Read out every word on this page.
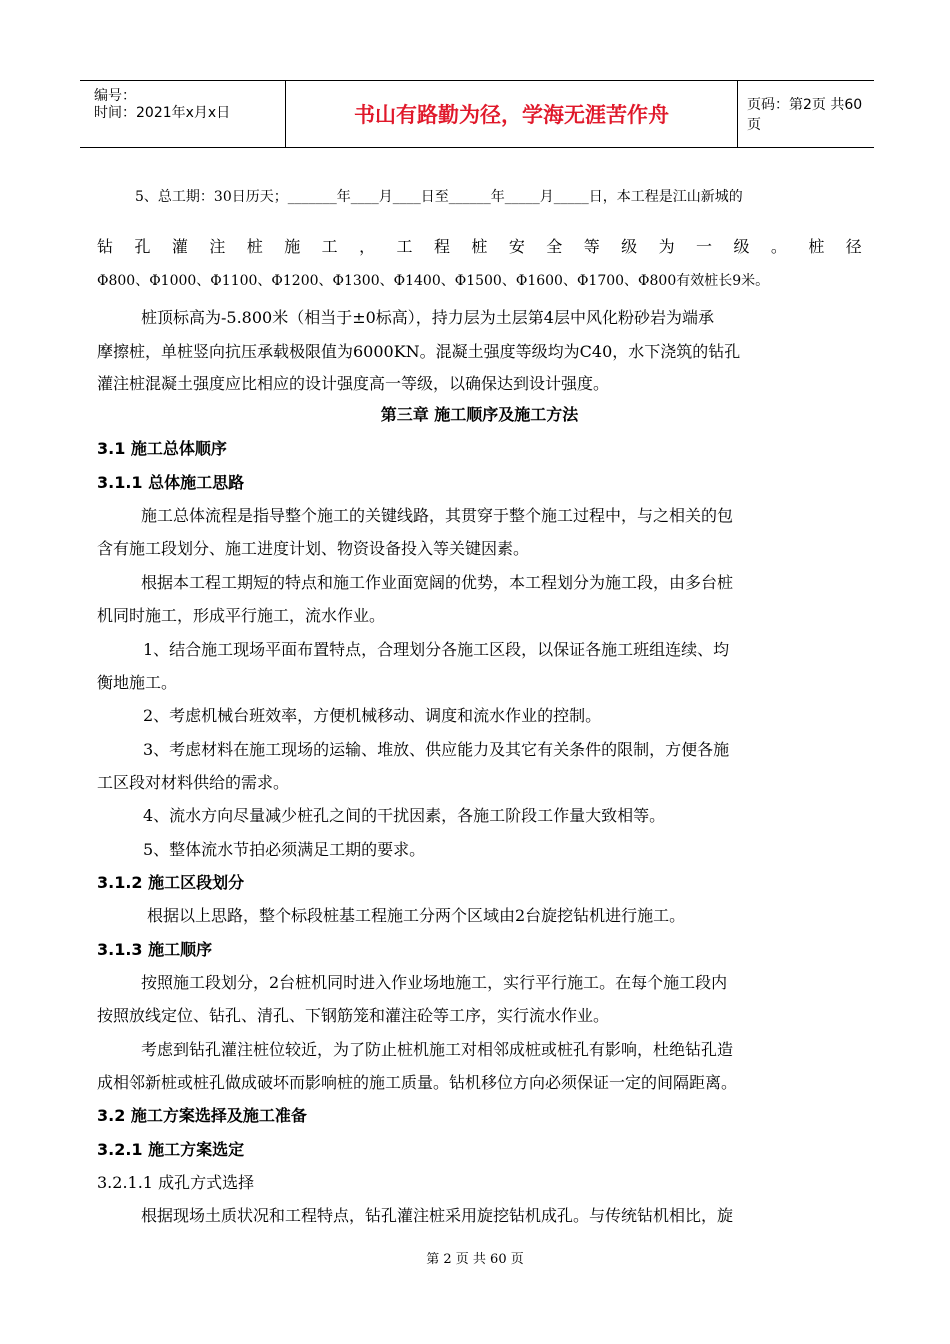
编号：
时间：2021年x月x日	书山有路勤为径，学海无涯苦作舟	页码：第2页 共60页
5、总工期：30日历天；_______年____月____日至______年_____月_____日，本工程是江山新城的
钻 孔 灌 注 桩 施 工 ， 工 程 桩 安 全 等 级 为 一 级 。 桩 径
Φ800、Φ1000、Φ1100、Φ1200、Φ1300、Φ1400、Φ1500、Φ1600、Φ1700、Φ800有效桩长9米。
桩顶标高为-5.800米（相当于±0标高），持力层为土层第4层中风化粉砂岩为端承
摩擦桩，单桩竖向抗压承载极限值为6000KN。混凝土强度等级均为C40，水下浇筑的钻孔
灌注桩混凝土强度应比相应的设计强度高一等级，以确保达到设计强度。
第三章 施工顺序及施工方法
3.1 施工总体顺序
3.1.1 总体施工思路
施工总体流程是指导整个施工的关键线路，其贯穿于整个施工过程中，与之相关的包
含有施工段划分、施工进度计划、物资设备投入等关键因素。
根据本工程工期短的特点和施工作业面宽阔的优势，本工程划分为施工段，由多台桩
机同时施工，形成平行施工，流水作业。
1、结合施工现场平面布置特点，合理划分各施工区段，以保证各施工班组连续、均
衡地施工。
2、考虑机械台班效率，方便机械移动、调度和流水作业的控制。
3、考虑材料在施工现场的运输、堆放、供应能力及其它有关条件的限制，方便各施
工区段对材料供给的需求。
4、流水方向尽量减少桩孔之间的干扰因素，各施工阶段工作量大致相等。
5、整体流水节拍必须满足工期的要求。
3.1.2 施工区段划分
根据以上思路，整个标段桩基工程施工分两个区域由2台旋挖钻机进行施工。
3.1.3 施工顺序
按照施工段划分，2台桩机同时进入作业场地施工，实行平行施工。在每个施工段内
按照放线定位、钻孔、清孔、下钢筋笼和灌注砼等工序，实行流水作业。
考虑到钻孔灌注桩位较近，为了防止桩机施工对相邻成桩或桩孔有影响，杜绝钻孔造
成相邻新桩或桩孔做成破坏而影响桩的施工质量。钻机移位方向必须保证一定的间隔距离。
3.2 施工方案选择及施工准备
3.2.1 施工方案选定
3.2.1.1 成孔方式选择
根据现场土质状况和工程特点，钻孔灌注桩采用旋挖钻机成孔。与传统钻机相比，旋
第 2 页 共 60 页
